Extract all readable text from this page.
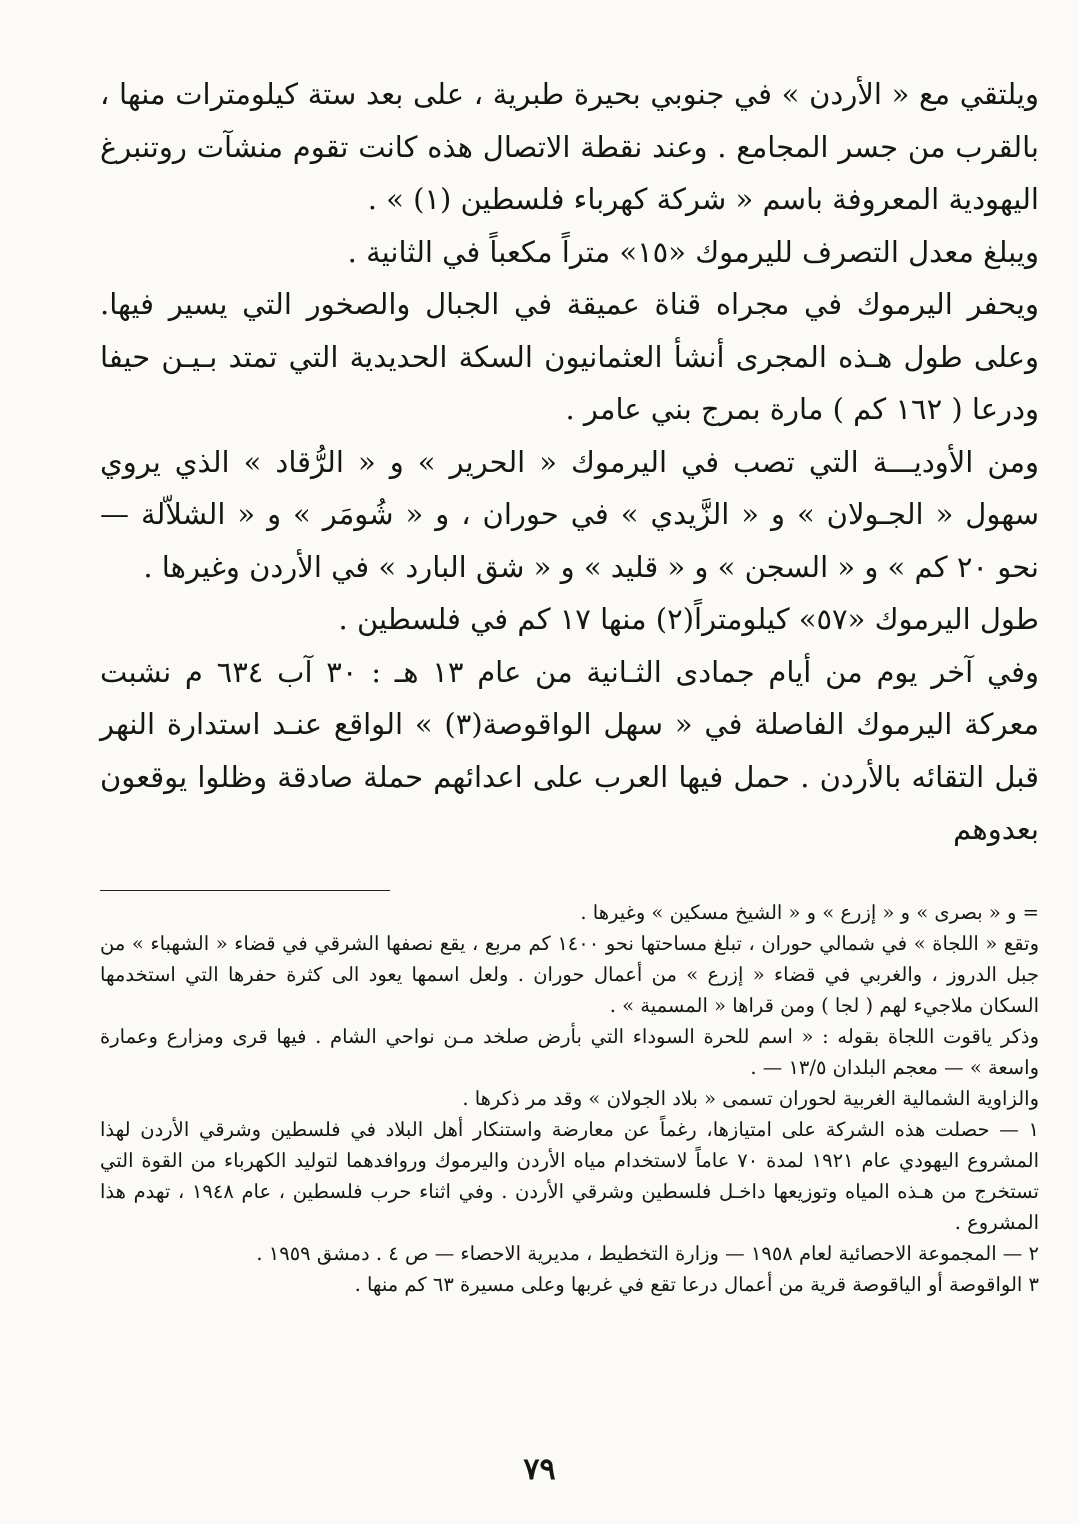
ويلتقي مع « الأردن » في جنوبي بحيرة طبرية ، على بعد ستة كيلومترات منها ، بالقرب من جسر المجامع . وعند نقطة الاتصال هذه كانت تقوم منشآت روتنبرغ اليهودية المعروفة باسم « شركة كهرباء فلسطين (١) » .

ويبلغ معدل التصرف لليرموك «١٥» متراً مكعباً في الثانية .

ويحفر اليرموك في مجراه قناة عميقة في الجبال والصخور التي يسير فيها. وعلى طول هـذه المجرى أنشأ العثمانيون السكة الحديدية التي تمتد بـيـن حيفا ودرعا ( ١٦٢ كم ) مارة بمرج بني عامر .

ومن الأوديـــة التي تصب في اليرموك « الحرير » و « الرُّقاد » الذي يروي سهول « الجـولان » و « الزَّيدي » في حوران ، و « شُومَر » و « الشلاّلة — نحو ٢٠ كم » و « السجن » و « قليد » و « شق البارد » في الأردن وغيرها .

طول اليرموك «٥٧» كيلومتراً(٢) منها ١٧ كم في فلسطين .

وفي آخر يوم من أيام جمادى الثـانية من عام ١٣ هـ : ٣٠ آب ٦٣٤ م نشبت معركة اليرموك الفاصلة في « سهل الواقوصة(٣) » الواقع عنـد استدارة النهر قبل التقائه بالأردن . حمل فيها العرب على اعدائهم حملة صادقة وظلوا يوقعون بعدوهم

= و « بصرى » و « إزرع » و « الشيخ مسكين » وغيرها .

وتقع « اللجاة » في شمالي حوران ، تبلغ مساحتها نحو ١٤٠٠ كم مربع ، يقع نصفها الشرقي في قضاء « الشهباء » من جبل الدروز ، والغربي في قضاء « إزرع » من أعمال حوران . ولعل اسمها يعود الى كثرة حفرها التي استخدمها السكان ملاجيء لهم ( لجا ) ومن قراها « المسمية » .

وذكر ياقوت اللجاة بقوله : « اسم للحرة السوداء التي بأرض صلخد مـن نواحي الشام . فيها قرى ومزارع وعمارة واسعة » — معجم البلدان ١٣/٥ — .

والزاوية الشمالية الغربية لحوران تسمى « بلاد الجولان » وقد مر ذكرها .

١ — حصلت هذه الشركة على امتيازها، رغماً عن معارضة واستنكار أهل البلاد في فلسطين وشرقي الأردن لهذا المشروع اليهودي عام ١٩٢١ لمدة ٧٠ عاماً لاستخدام مياه الأردن واليرموك وروافدهما لتوليد الكهرباء من القوة التي تستخرج من هـذه المياه وتوزيعها داخـل فلسطين وشرقي الأردن . وفي اثناء حرب فلسطين ، عام ١٩٤٨ ، تهدم هذا المشروع .

٢ — المجموعة الاحصائية لعام ١٩٥٨ — وزارة التخطيط ، مديرية الاحصاء — ص ٤ . دمشق ١٩٥٩ .

٣ الواقوصة أو الياقوصة قرية من أعمال درعا تقع في غربها وعلى مسيرة ٦٣ كم منها .

٧٩
